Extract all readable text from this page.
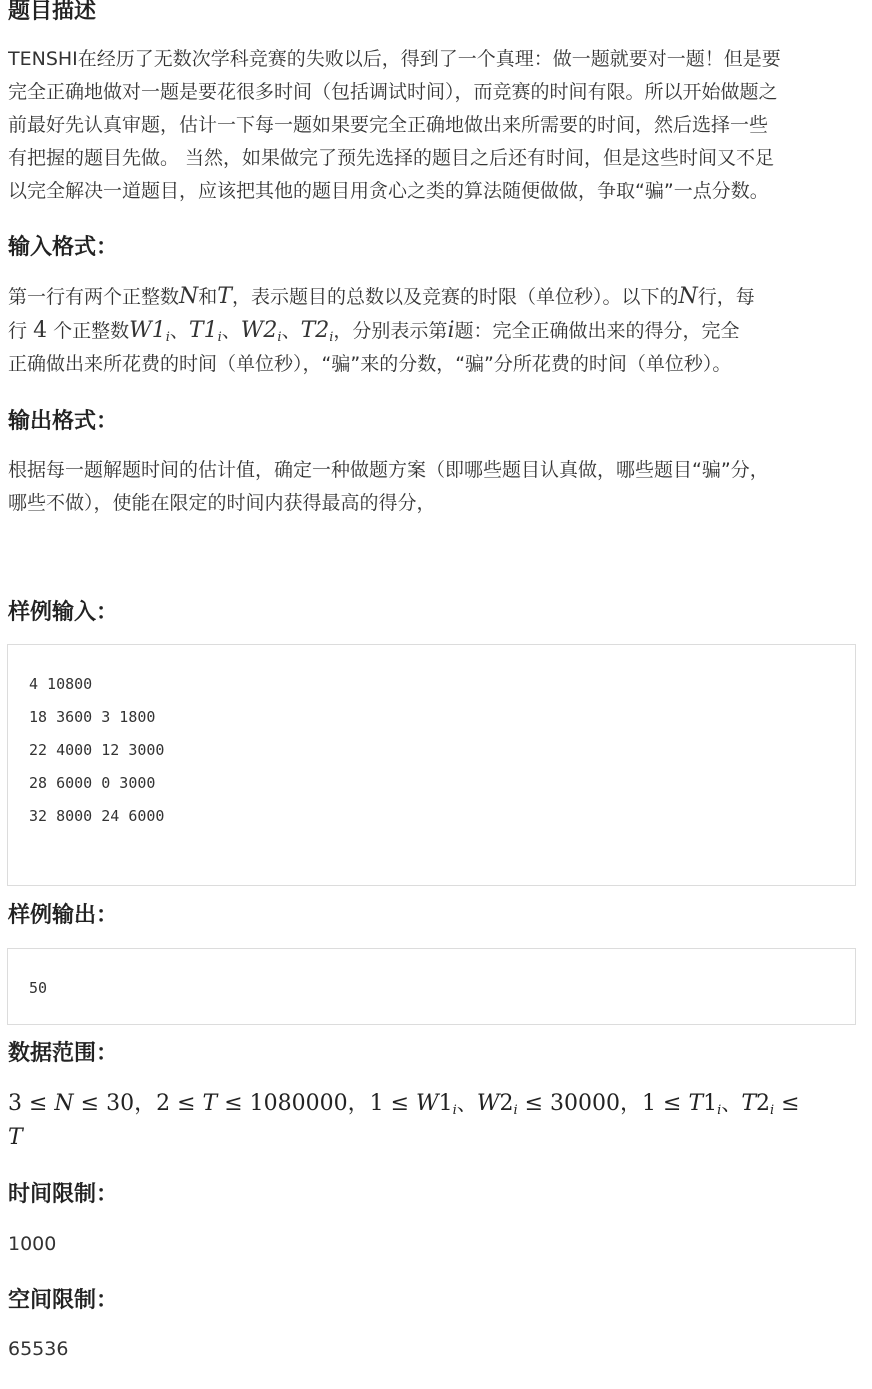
题目描述
TENSHI在经历了无数次学科竞赛的失败以后，得到了一个真理：做一题就要对一题！但是要
完全正确地做对一题是要花很多时间（包括调试时间），而竞赛的时间有限。所以开始做题之
前最好先认真审题，估计一下每一题如果要完全正确地做出来所需要的时间，然后选择一些
有把握的题目先做。 当然，如果做完了预先选择的题目之后还有时间，但是这些时间又不足
以完全解决一道题目，应该把其他的题目用贪心之类的算法随便做做，争取“骗”一点分数。
输入格式：
第一行有两个正整数N和T，表示题目的总数以及竞赛的时限（单位秒）。以下的N行，每
行 4 个正整数$W1_i$、$T1_i$、$W2_i$、$T2_i$，分别表示第i题：完全正确做出来的得分，完全
正确做出来所花费的时间（单位秒），“骗”来的分数，“骗”分所花费的时间（单位秒）。
输出格式：
根据每一题解题时间的估计值，确定一种做题方案（即哪些题目认真做，哪些题目“骗”分，
哪些不做），使能在限定的时间内获得最高的得分，
样例输入：
4 10800
18 3600 3 1800
22 4000 12 3000
28 6000 0 3000
32 8000 24 6000
样例输出：
50
数据范围：
3 ≤ N ≤ 30，2 ≤ T ≤ 1080000，$1 \le W1_i$、$W2_i \le 30000$，$1 \le T1_i$、$T2_i$ ≤
T
时间限制：
1000
空间限制：
65536
